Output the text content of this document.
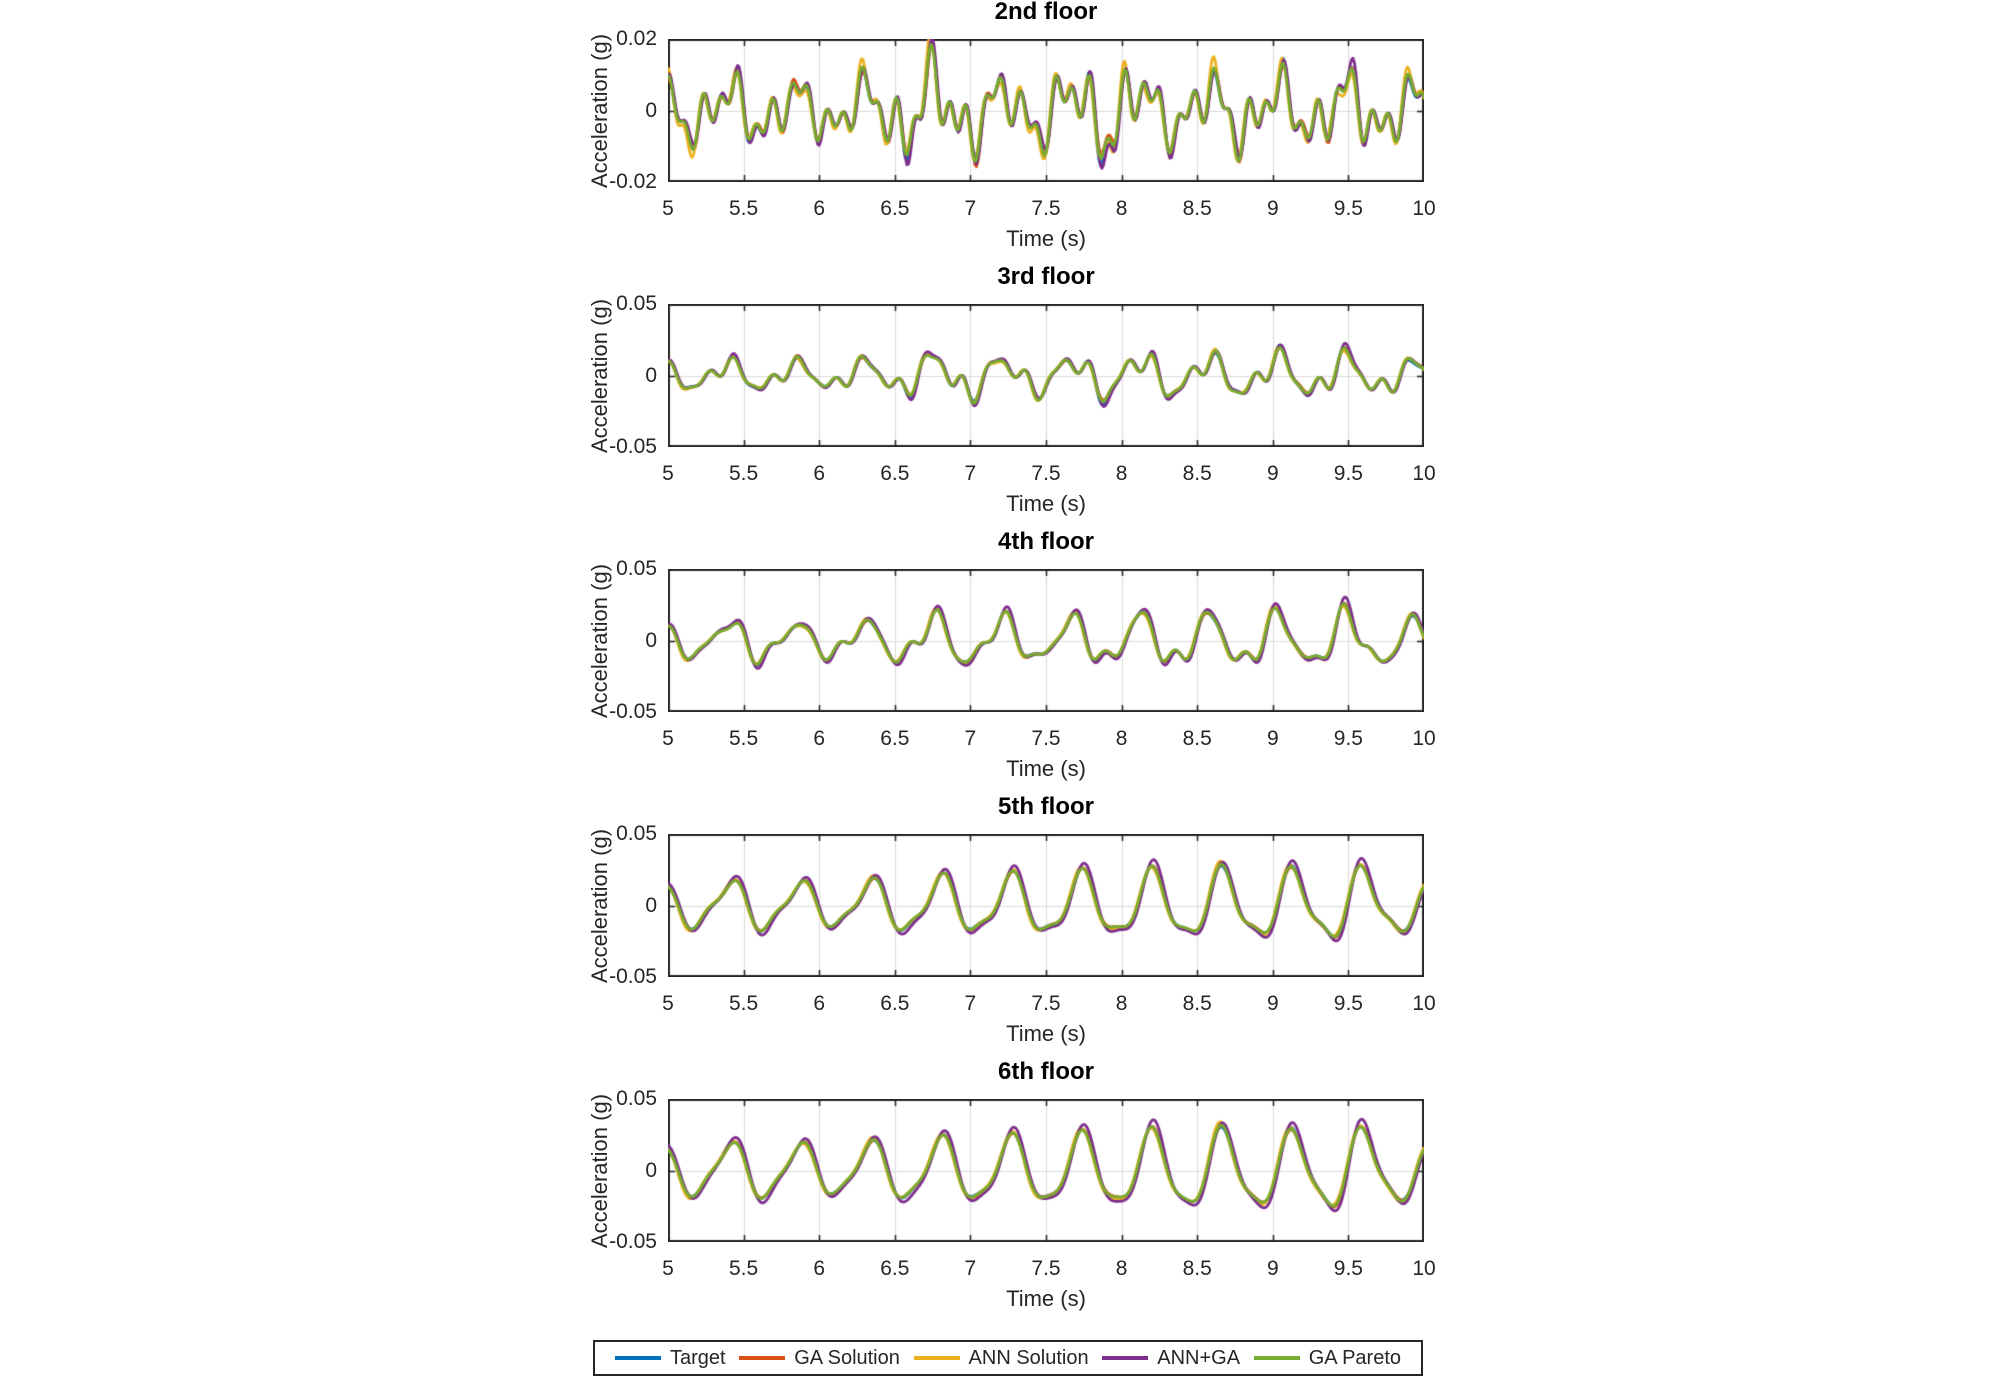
2nd floor
Acceleration (g)
-0.02
0
0.02
5	5.5	6	6.5	7	7.5	8	8.5	9	9.5	10
Time (s)
3rd floor
Acceleration (g)
-0.05
0
0.05
5	5.5	6	6.5	7	7.5	8	8.5	9	9.5	10
Time (s)
4th floor
Acceleration (g)
-0.05
0
0.05
5	5.5	6	6.5	7	7.5	8	8.5	9	9.5	10
Time (s)
5th floor
Acceleration (g)
-0.05
0
0.05
5	5.5	6	6.5	7	7.5	8	8.5	9	9.5	10
Time (s)
6th floor
Acceleration (g)
-0.05
0
0.05
5	5.5	6	6.5	7	7.5	8	8.5	9	9.5	10
Time (s)
Target	GA Solution	ANN Solution	ANN+GA	GA Pareto
